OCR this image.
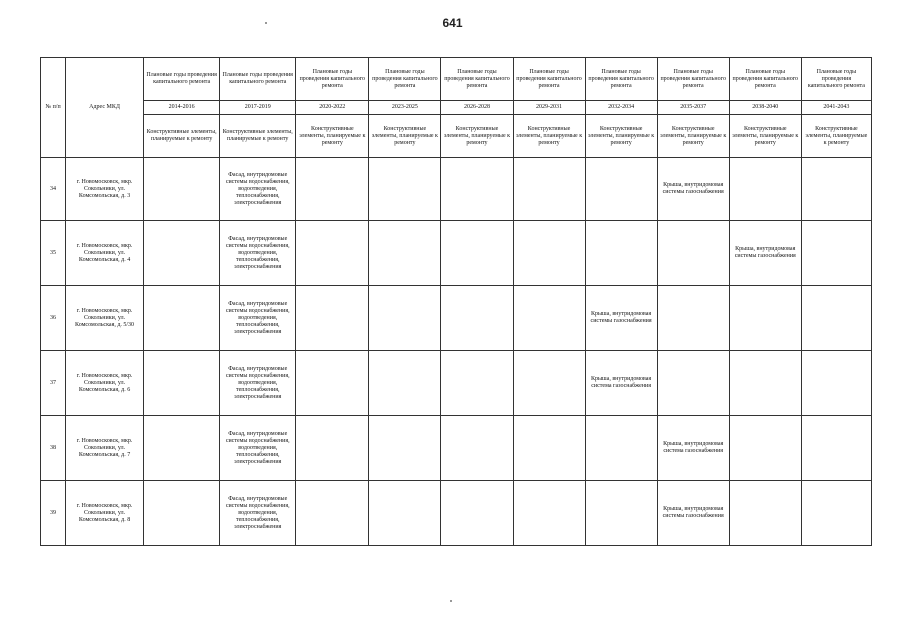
641
№ п/п	Адрес МКД	Плановые годы проведения капитального ремонта	Плановые годы проведения капитального ремонта	Плановые годы проведения капитального ремонта	Плановые годы проведения капитального ремонта	Плановые годы проведения капитального ремонта	Плановые годы проведения капитального ремонта	Плановые годы проведения капитального ремонта	Плановые годы проведения капитального ремонта	Плановые годы проведения капитального ремонта	Плановые годы проведения капитального ремонта
		2014-2016	2017-2019	2020-2022	2023-2025	2026-2028	2029-2031	2032-2034	2035-2037	2038-2040	2041-2043
		Конструктивные элементы, планируемые к ремонту	Конструктивные элементы, планируемые к ремонту	Конструктивные элементы, планируемые к ремонту	Конструктивные элементы, планируемые к ремонту	Конструктивные элементы, планируемые к ремонту	Конструктивные элементы, планируемые к ремонту	Конструктивные элементы, планируемые к ремонту	Конструктивные элементы, планируемые к ремонту	Конструктивные элементы, планируемые к ремонту	Конструктивные элементы, планируемые к ремонту
34	г. Новомосковск, мкр. Сокольники, ул. Комсомольская, д. 3		Фасад, внутридомовые системы водоснабжения, водоотведения, теплоснабжения, электроснабжения						Крыша, внутридомовая системы газоснабжения		
35	г. Новомосковск, мкр. Сокольники, ул. Комсомольская, д. 4		Фасад, внутридомовые системы водоснабжения, водоотведения, теплоснабжения, электроснабжения							Крыша, внутридомовая системы газоснабжения	
36	г. Новомосковск, мкр. Сокольники, ул. Комсомольская, д. 5/30		Фасад, внутридомовые системы водоснабжения, водоотведения, теплоснабжения, электроснабжения					Крыша, внутридомовая системы газоснабжения			
37	г. Новомосковск, мкр. Сокольники, ул. Комсомольская, д. 6		Фасад, внутридомовые системы водоснабжения, водоотведения, теплоснабжения, электроснабжения					Крыша, внутридомовая система газоснабжения			
38	г. Новомосковск, мкр. Сокольники, ул. Комсомольская, д. 7		Фасад, внутридомовые системы водоснабжения, водоотведения, теплоснабжения, электроснабжения						Крыша, внутридомовая система газоснабжения		
39	г. Новомосковск, мкр. Сокольники, ул. Комсомольская, д. 8		Фасад, внутридомовые системы водоснабжения, водоотведения, теплоснабжения, электроснабжения						Крыша, внутридомовая системы газоснабжения		
